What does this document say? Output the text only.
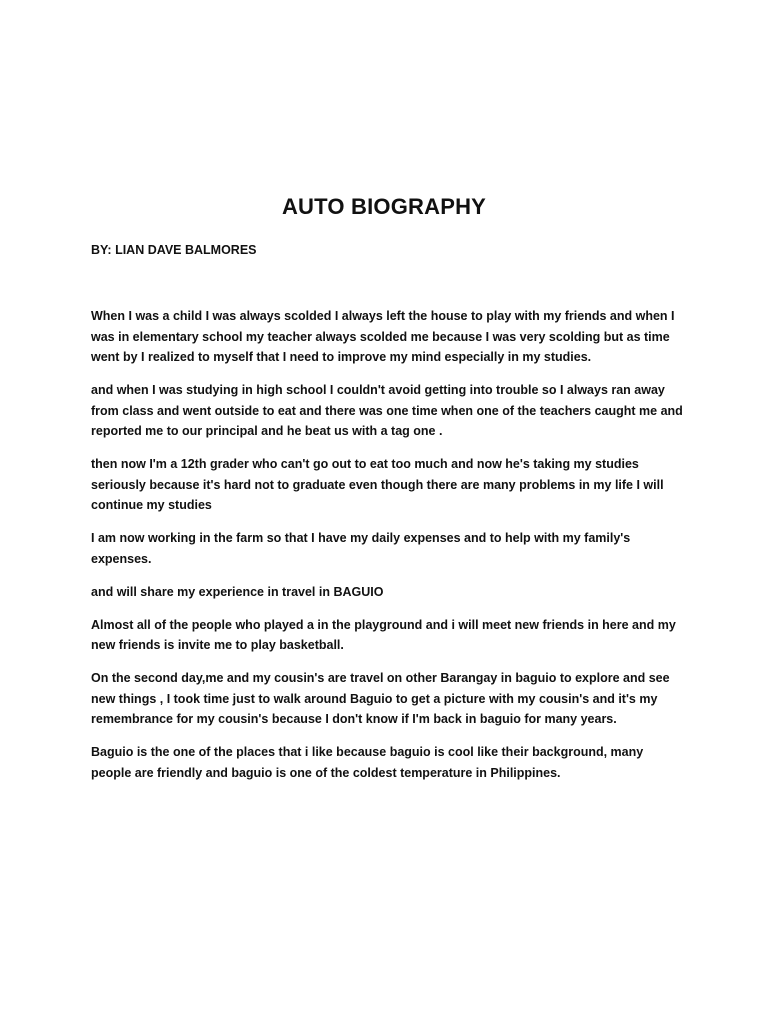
AUTO BIOGRAPHY

BY: LIAN DAVE BALMORES

When I was a child I was always scolded I always left the house to play with my friends and when I was in elementary school my teacher always scolded me because I was very scolding but as time went by I realized to myself that I need to improve my mind especially in my studies.

and when I was studying in high school I couldn't avoid getting into trouble so I always ran away from class and went outside to eat and there was one time when one of the teachers caught me and reported me to our principal and he beat us with a tag one .

then now I'm a 12th grader who can't go out to eat too much and now he's taking my studies seriously because it's hard not to graduate even though there are many problems in my life I will continue my studies

I am now working in the farm so that I have my daily expenses and to help with my family's expenses.

and will share my experience in travel in BAGUIO

Almost all of the people who played a in the playground and i will meet new friends in here and my new friends is invite me to play basketball.

On the second day,me and my cousin's are travel on other Barangay in baguio to explore and see new things , I took time just to walk around Baguio to get a picture with my cousin's and it's my remembrance for my cousin's because I don't know if I'm back in baguio for many years.

Baguio is the one of the places that i like because baguio is cool like their background, many people are friendly and baguio is one of the coldest temperature in Philippines.
